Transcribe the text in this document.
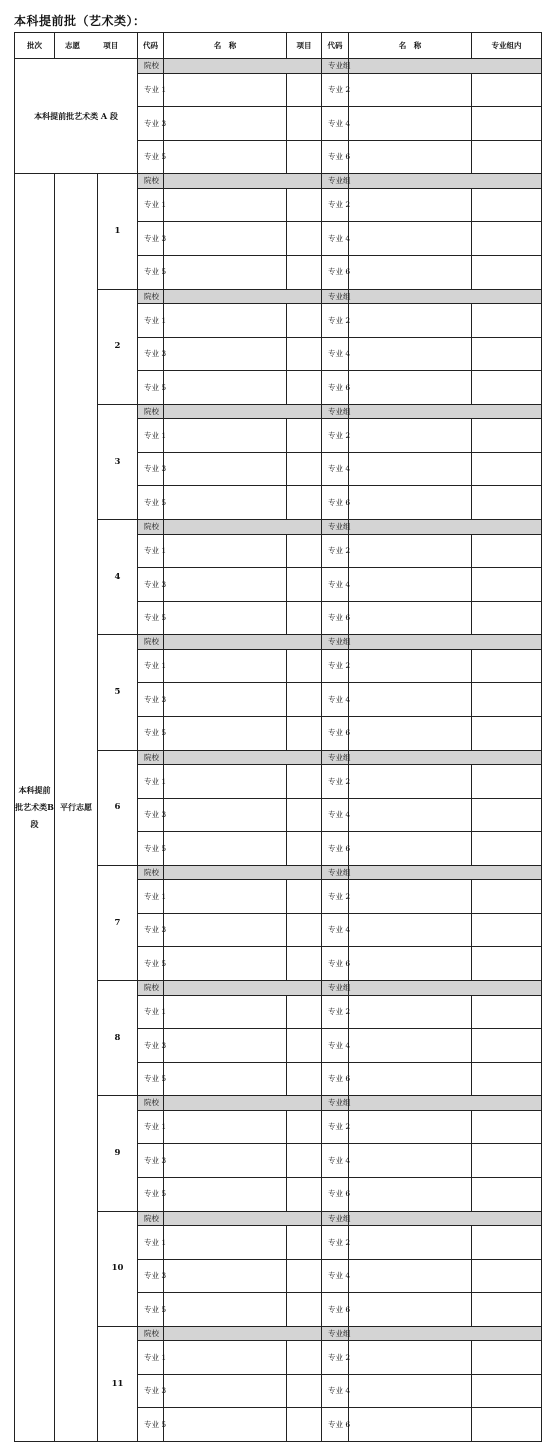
本科提前批（艺术类）：
批次	志愿 项目		代码	名　称	项目	代码	名　称	专业组内	
本科提前批艺术类 A 段			院校			专业组		
			专业 1			专业 2			

			专业 3			专业 4			
			专业 5			专业 6			
本科提前批艺术类B段	平行志愿	1	院校			专业组		
			专业 1			专业 2			

			专业 3			专业 4			
			专业 5			专业 6			
		2	院校			专业组		
			专业 1			专业 2			

			专业 3			专业 4			
			专业 5			专业 6			
		3	院校			专业组		
			专业 1			专业 2			

			专业 3			专业 4			
			专业 5			专业 6			
		4	院校			专业组		
			专业 1			专业 2			

			专业 3			专业 4			
			专业 5			专业 6			
		5	院校			专业组		
			专业 1			专业 2			

			专业 3			专业 4			
			专业 5			专业 6			
		6	院校			专业组		
			专业 1			专业 2			

			专业 3			专业 4			
			专业 5			专业 6			
		7	院校			专业组		
			专业 1			专业 2			

			专业 3			专业 4			
			专业 5			专业 6			
		8	院校			专业组		
			专业 1			专业 2			

			专业 3			专业 4			
			专业 5			专业 6			
		9	院校			专业组		
			专业 1			专业 2			

			专业 3			专业 4			
			专业 5			专业 6			
		10	院校			专业组		
			专业 1			专业 2			

			专业 3			专业 4			
			专业 5			专业 6			
		11	院校			专业组		
			专业 1			专业 2			

			专业 3			专业 4			
			专业 5			专业 6			
